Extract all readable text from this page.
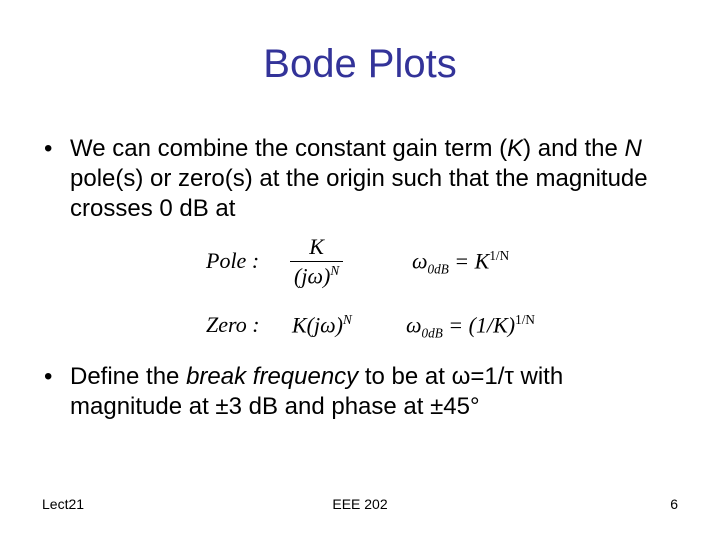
Bode Plots
• We can combine the constant gain term (K) and the N pole(s) or zero(s) at the origin such that the magnitude crosses 0 dB at
Pole : $\frac{K}{(j\omega)^N}$	$\omega_{0dB} = K^{1/N}$
Zero : $K(j\omega)^N$ $\omega_{0dB} = (1/K)^{1/N}$
• Define the break frequency to be at ω=1/τ with magnitude at ±3 dB and phase at ±45°
Lect21	EEE 202	6
